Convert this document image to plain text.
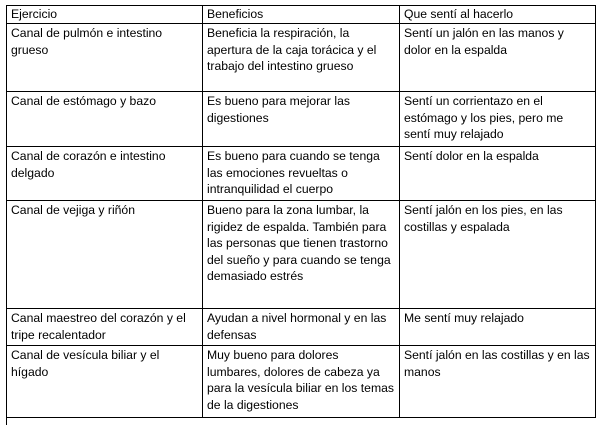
Ejercicio	Beneficios	Que sentí al hacerlo
Canal de pulmón e intestino grueso	Beneficia la respiración, la apertura de la caja torácica y el trabajo del intestino grueso	Sentí un jalón en las manos y dolor en la espalda
Canal de estómago y bazo	Es bueno para mejorar las digestiones	Sentí un corrientazo en el estómago y los pies, pero me sentí muy relajado
Canal de corazón e intestino delgado	Es bueno para cuando se tenga las emociones revueltas o intranquilidad el cuerpo	Sentí dolor en la espalda
Canal de vejiga y riñón	Bueno para la zona lumbar, la rigidez de espalda. También para las personas que tienen trastorno del sueño y para cuando se tenga demasiado estrés	Sentí jalón en los pies, en las costillas y espalada
Canal maestreo del corazón y el tripe recalentador	Ayudan a nivel hormonal y en las defensas	Me sentí muy relajado
Canal de vesícula biliar y el hígado	Muy bueno para dolores lumbares, dolores de cabeza ya para la vesícula biliar en los temas de la digestiones	Sentí jalón en las costillas y en las manos
